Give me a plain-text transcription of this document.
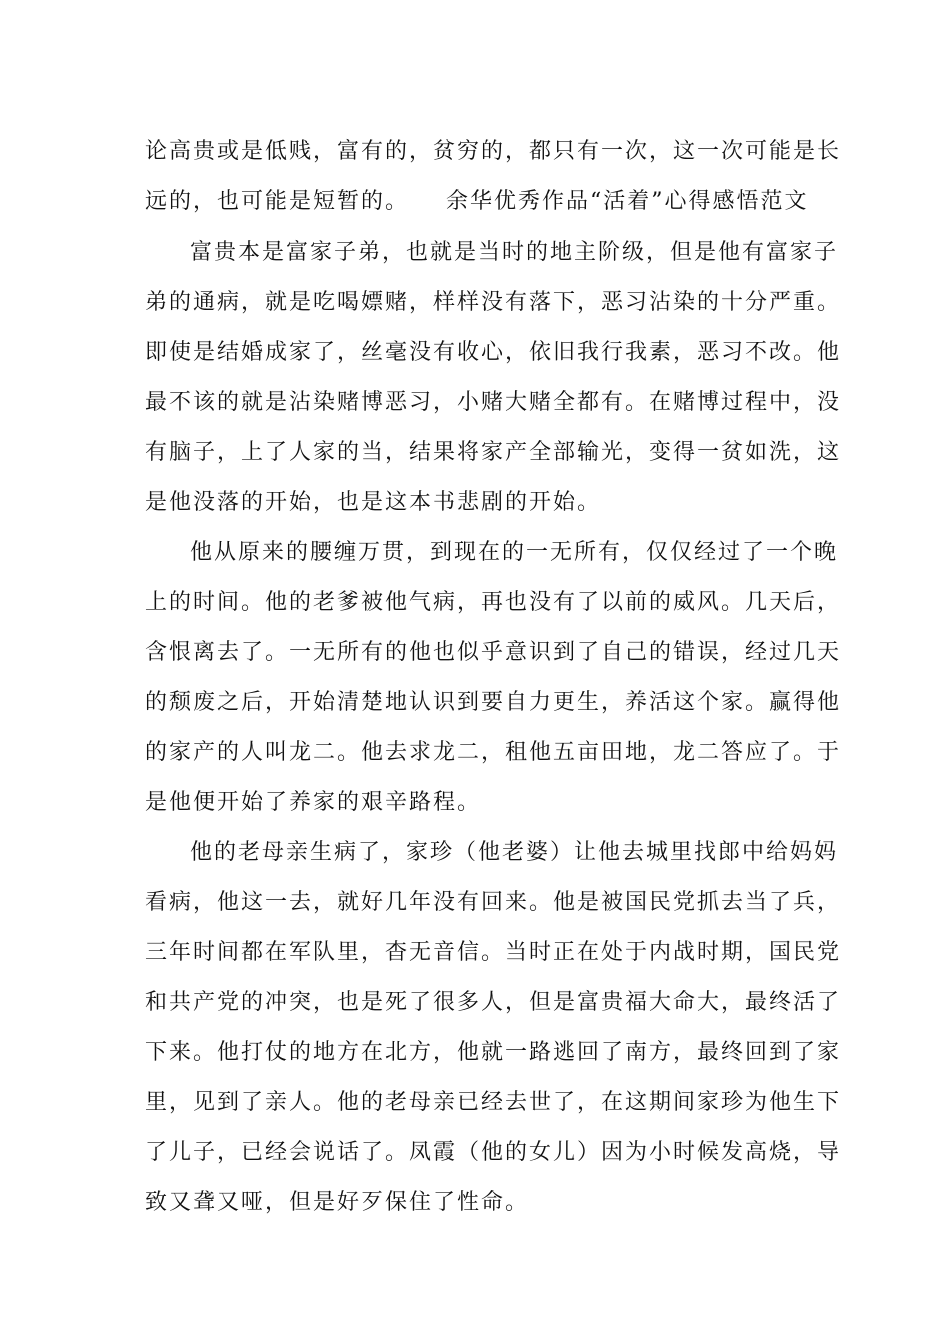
论高贵或是低贱，富有的，贫穷的，都只有一次，这一次可能是长
远的，也可能是短暂的。　　余华优秀作品“活着”心得感悟范文
富贵本是富家子弟，也就是当时的地主阶级，但是他有富家子
弟的通病，就是吃喝嫖赌，样样没有落下，恶习沾染的十分严重。
即使是结婚成家了，丝毫没有收心，依旧我行我素，恶习不改。他
最不该的就是沾染赌博恶习，小赌大赌全都有。在赌博过程中，没
有脑子，上了人家的当，结果将家产全部输光，变得一贫如洗，这
是他没落的开始，也是这本书悲剧的开始。
他从原来的腰缠万贯，到现在的一无所有，仅仅经过了一个晚
上的时间。他的老爹被他气病，再也没有了以前的威风。几天后，
含恨离去了。一无所有的他也似乎意识到了自己的错误，经过几天
的颓废之后，开始清楚地认识到要自力更生，养活这个家。赢得他
的家产的人叫龙二。他去求龙二，租他五亩田地，龙二答应了。于
是他便开始了养家的艰辛路程。
他的老母亲生病了，家珍（他老婆）让他去城里找郎中给妈妈
看病，他这一去，就好几年没有回来。他是被国民党抓去当了兵，
三年时间都在军队里，杳无音信。当时正在处于内战时期，国民党
和共产党的冲突，也是死了很多人，但是富贵福大命大，最终活了
下来。他打仗的地方在北方，他就一路逃回了南方，最终回到了家
里，见到了亲人。他的老母亲已经去世了，在这期间家珍为他生下
了儿子，已经会说话了。凤霞（他的女儿）因为小时候发高烧，导
致又聋又哑，但是好歹保住了性命。
